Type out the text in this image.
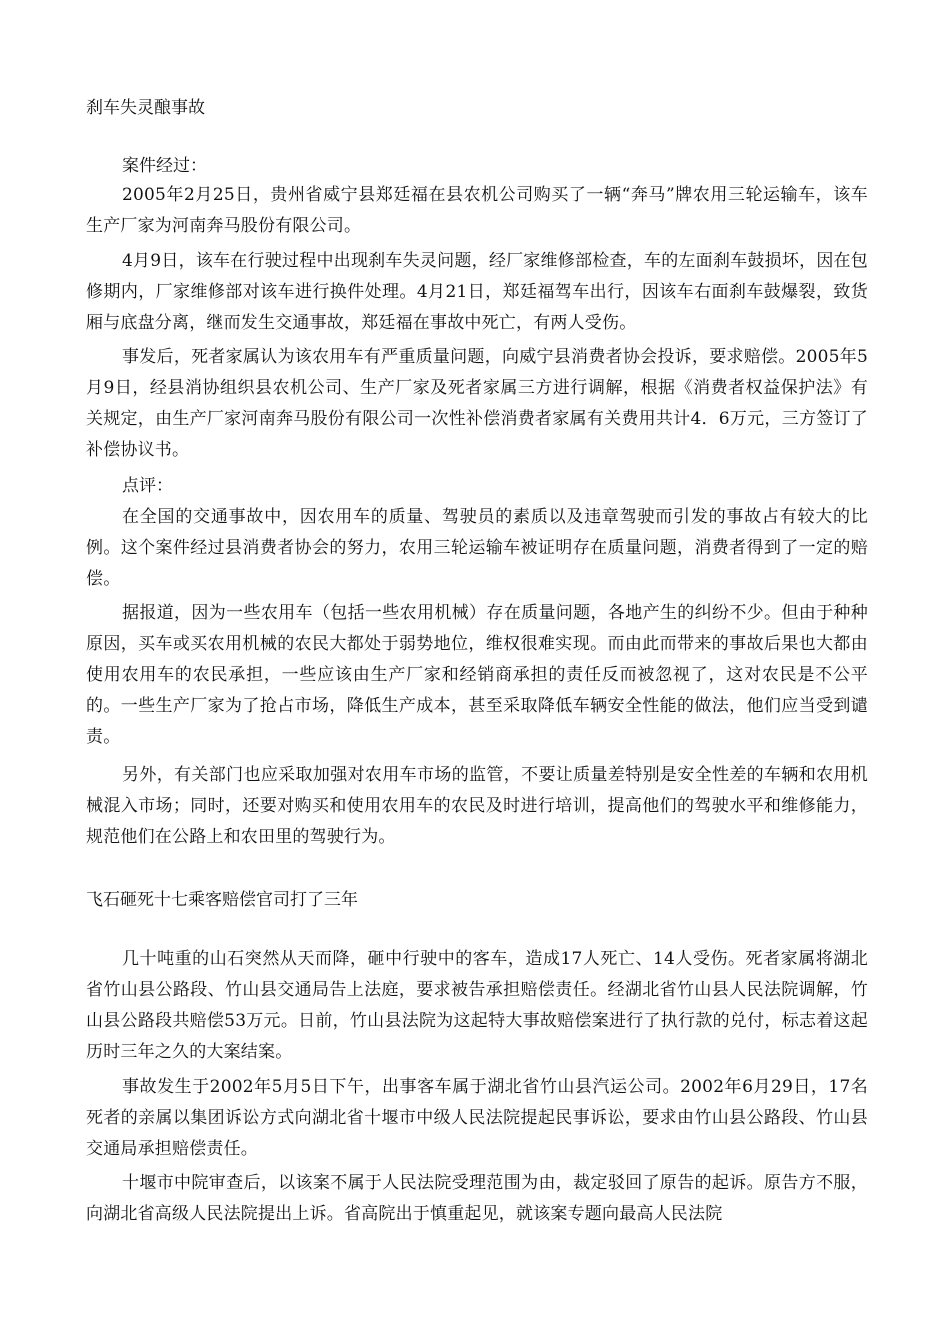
刹车失灵酿事故

案件经过：

2005年2月25日，贵州省威宁县郑廷福在县农机公司购买了一辆“奔马”牌农用三轮运输车，该车生产厂家为河南奔马股份有限公司。

4月9日，该车在行驶过程中出现刹车失灵问题，经厂家维修部检查，车的左面刹车鼓损坏，因在包修期内，厂家维修部对该车进行换件处理。4月21日，郑廷福驾车出行，因该车右面刹车鼓爆裂，致货厢与底盘分离，继而发生交通事故，郑廷福在事故中死亡，有两人受伤。

事发后，死者家属认为该农用车有严重质量问题，向威宁县消费者协会投诉，要求赔偿。2005年5月9日，经县消协组织县农机公司、生产厂家及死者家属三方进行调解，根据《消费者权益保护法》有关规定，由生产厂家河南奔马股份有限公司一次性补偿消费者家属有关费用共计4．6万元，三方签订了补偿协议书。

点评：

在全国的交通事故中，因农用车的质量、驾驶员的素质以及违章驾驶而引发的事故占有较大的比例。这个案件经过县消费者协会的努力，农用三轮运输车被证明存在质量问题，消费者得到了一定的赔偿。

据报道，因为一些农用车（包括一些农用机械）存在质量问题，各地产生的纠纷不少。但由于种种原因，买车或买农用机械的农民大都处于弱势地位，维权很难实现。而由此而带来的事故后果也大都由使用农用车的农民承担，一些应该由生产厂家和经销商承担的责任反而被忽视了，这对农民是不公平的。一些生产厂家为了抢占市场，降低生产成本，甚至采取降低车辆安全性能的做法，他们应当受到谴责。

另外，有关部门也应采取加强对农用车市场的监管，不要让质量差特别是安全性差的车辆和农用机械混入市场；同时，还要对购买和使用农用车的农民及时进行培训，提高他们的驾驶水平和维修能力，规范他们在公路上和农田里的驾驶行为。

飞石砸死十七乘客赔偿官司打了三年

几十吨重的山石突然从天而降，砸中行驶中的客车，造成17人死亡、14人受伤。死者家属将湖北省竹山县公路段、竹山县交通局告上法庭，要求被告承担赔偿责任。经湖北省竹山县人民法院调解，竹山县公路段共赔偿53万元。日前，竹山县法院为这起特大事故赔偿案进行了执行款的兑付，标志着这起历时三年之久的大案结案。

事故发生于2002年5月5日下午，出事客车属于湖北省竹山县汽运公司。2002年6月29日，17名死者的亲属以集团诉讼方式向湖北省十堰市中级人民法院提起民事诉讼，要求由竹山县公路段、竹山县交通局承担赔偿责任。

十堰市中院审查后，以该案不属于人民法院受理范围为由，裁定驳回了原告的起诉。原告方不服，向湖北省高级人民法院提出上诉。省高院出于慎重起见，就该案专题向最高人民法院
